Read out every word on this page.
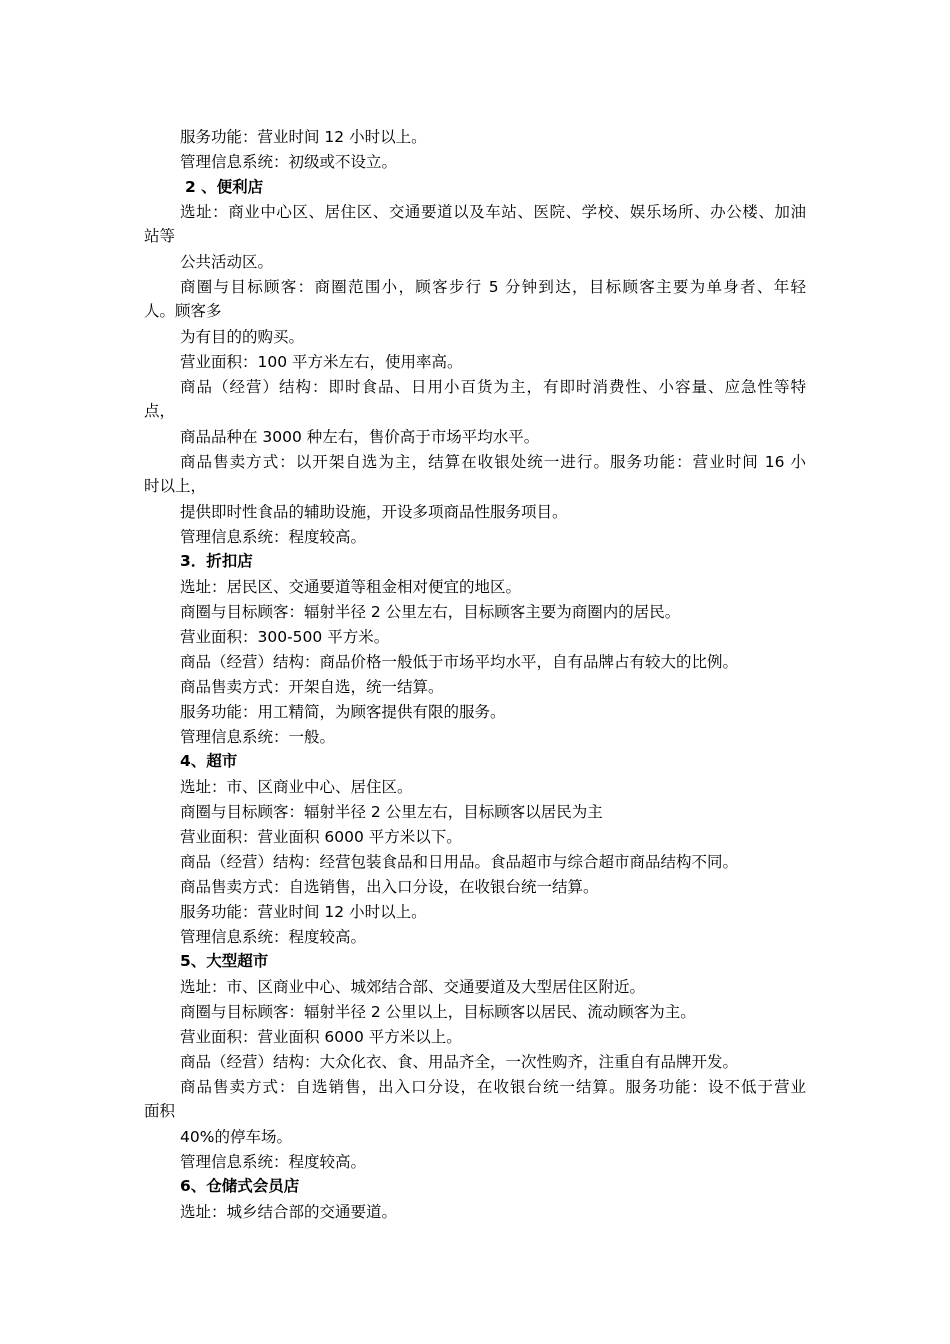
服务功能：营业时间 12 小时以上。
管理信息系统：初级或不设立。
2 、便利店
选址：商业中心区、居住区、交通要道以及车站、医院、学校、娱乐场所、办公楼、加油
站等
公共活动区。
商圈与目标顾客：商圈范围小，顾客步行 5 分钟到达，目标顾客主要为单身者、年轻
人。顾客多
为有目的的购买。
营业面积：100 平方米左右，使用率高。
商品（经营）结构：即时食品、日用小百货为主，有即时消费性、小容量、应急性等特
点，
商品品种在 3000 种左右，售价高于市场平均水平。
商品售卖方式：以开架自选为主，结算在收银处统一进行。服务功能：营业时间 16 小
时以上，
提供即时性食品的辅助设施，开设多项商品性服务项目。
管理信息系统：程度较高。
3．折扣店
选址：居民区、交通要道等租金相对便宜的地区。
商圈与目标顾客：辐射半径 2 公里左右，目标顾客主要为商圈内的居民。
营业面积：300-500 平方米。
商品（经营）结构：商品价格一般低于市场平均水平，自有品牌占有较大的比例。
商品售卖方式：开架自选，统一结算。
服务功能：用工精简，为顾客提供有限的服务。
管理信息系统：一般。
4、超市
选址：市、区商业中心、居住区。
商圈与目标顾客：辐射半径 2 公里左右，目标顾客以居民为主
营业面积：营业面积 6000 平方米以下。
商品（经营）结构：经营包装食品和日用品。食品超市与综合超市商品结构不同。
商品售卖方式：自选销售，出入口分设，在收银台统一结算。
服务功能：营业时间 12 小时以上。
管理信息系统：程度较高。
5、大型超市
选址：市、区商业中心、城郊结合部、交通要道及大型居住区附近。
商圈与目标顾客：辐射半径 2 公里以上，目标顾客以居民、流动顾客为主。
营业面积：营业面积 6000 平方米以上。
商品（经营）结构：大众化衣、食、用品齐全，一次性购齐，注重自有品牌开发。
商品售卖方式：自选销售，出入口分设，在收银台统一结算。服务功能：设不低于营业
面积
40%的停车场。
管理信息系统：程度较高。
6、仓储式会员店
选址：城乡结合部的交通要道。
